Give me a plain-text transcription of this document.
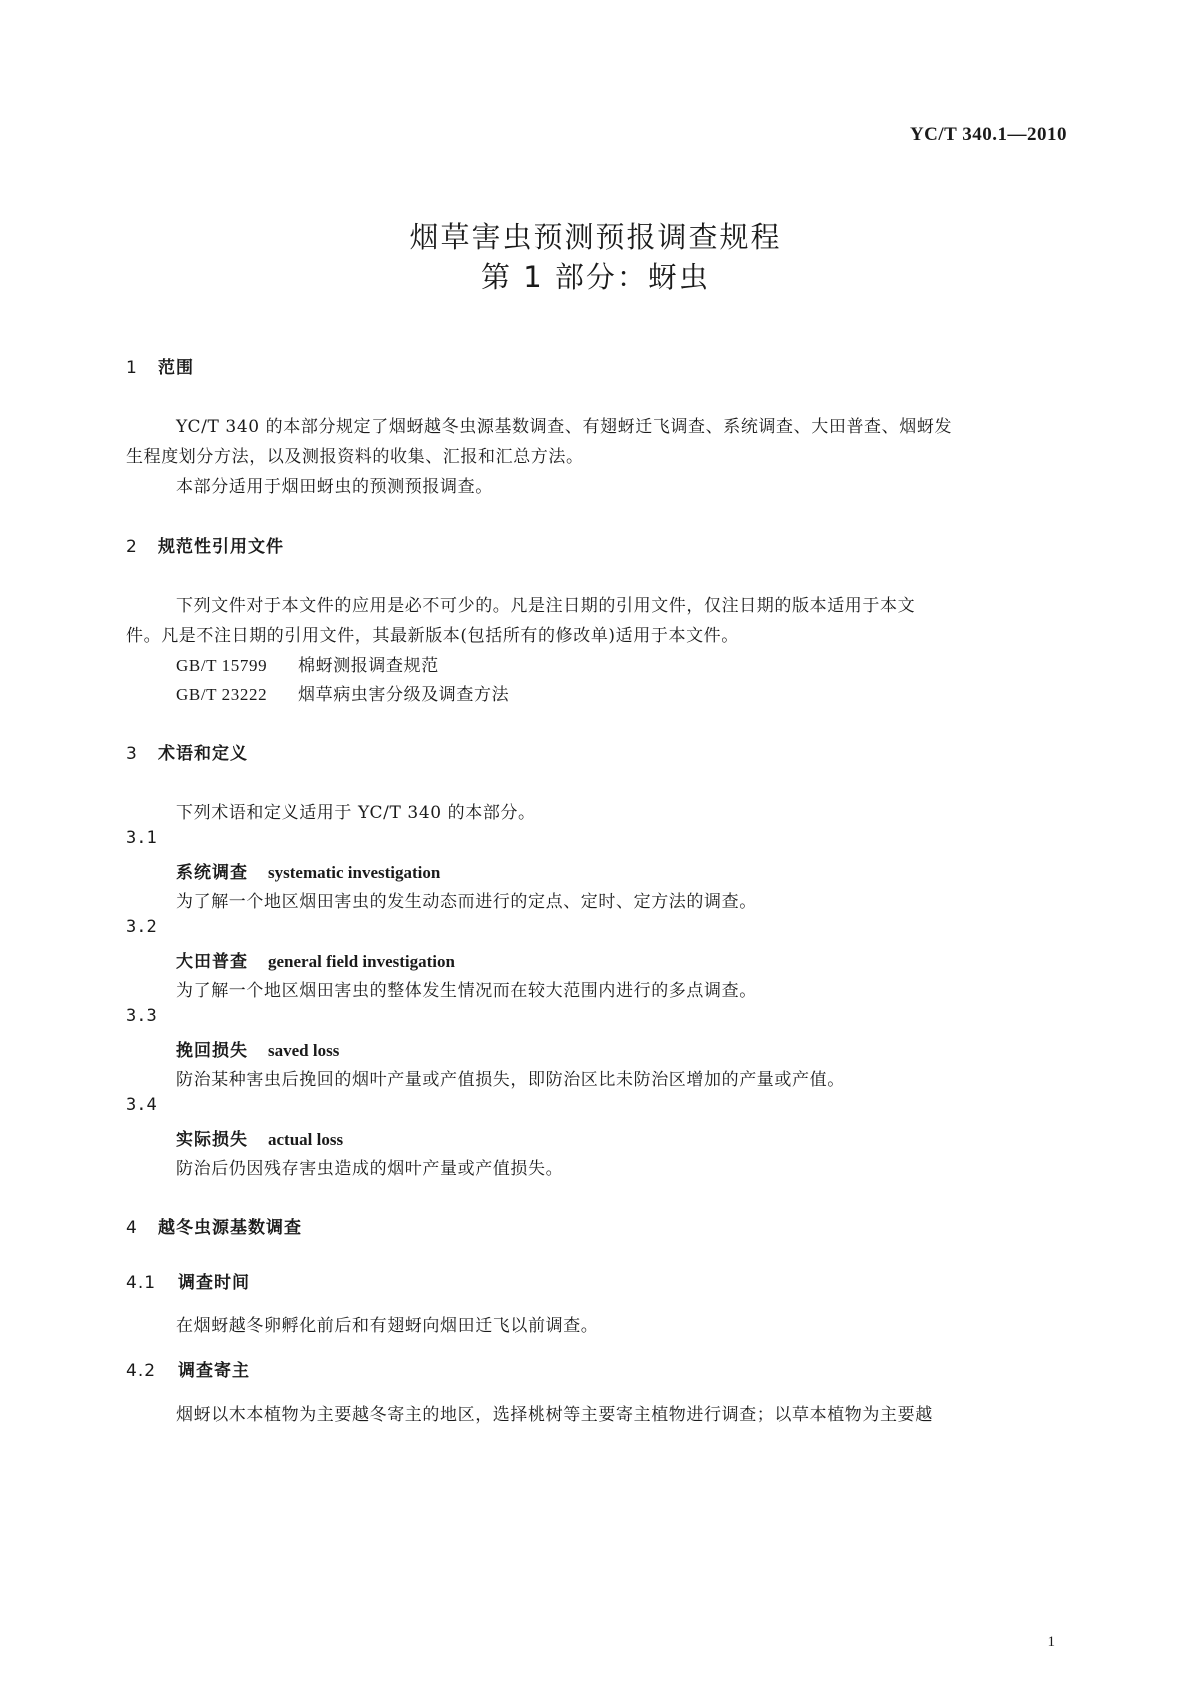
YC/T 340.1—2010
烟草害虫预测预报调查规程
第 1 部分：蚜虫
1 范围
YC/T 340 的本部分规定了烟蚜越冬虫源基数调查、有翅蚜迁飞调查、系统调查、大田普查、烟蚜发
生程度划分方法，以及测报资料的收集、汇报和汇总方法。
本部分适用于烟田蚜虫的预测预报调查。
2 规范性引用文件
下列文件对于本文件的应用是必不可少的。凡是注日期的引用文件，仅注日期的版本适用于本文
件。凡是不注日期的引用文件，其最新版本(包括所有的修改单)适用于本文件。
GB/T 15799 棉蚜测报调查规范
GB/T 23222 烟草病虫害分级及调查方法
3 术语和定义
下列术语和定义适用于 YC/T 340 的本部分。
3.1
系统调查 systematic investigation
为了解一个地区烟田害虫的发生动态而进行的定点、定时、定方法的调查。
3.2
大田普查 general field investigation
为了解一个地区烟田害虫的整体发生情况而在较大范围内进行的多点调查。
3.3
挽回损失 saved loss
防治某种害虫后挽回的烟叶产量或产值损失，即防治区比未防治区增加的产量或产值。
3.4
实际损失 actual loss
防治后仍因残存害虫造成的烟叶产量或产值损失。
4 越冬虫源基数调查
4.1 调查时间
在烟蚜越冬卵孵化前后和有翅蚜向烟田迁飞以前调查。
4.2 调查寄主
烟蚜以木本植物为主要越冬寄主的地区，选择桃树等主要寄主植物进行调查；以草本植物为主要越
1
